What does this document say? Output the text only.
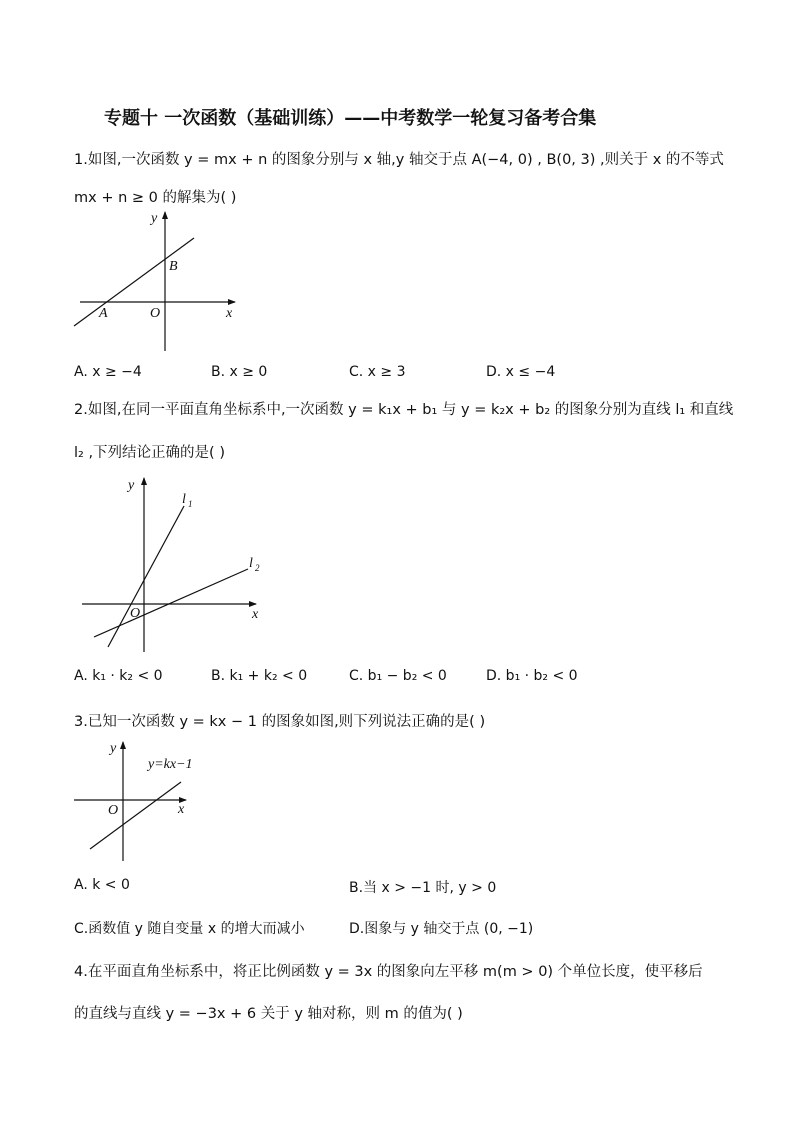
专题十 一次函数（基础训练）——中考数学一轮复习备考合集
1.如图,一次函数 y = mx + n 的图象分别与 x 轴,y 轴交于点 A(−4, 0) , B(0, 3) ,则关于 x 的不等式
mx + n ≥ 0 的解集为( )
y
x
O
A
B
A. x ≥ −4	B. x ≥ 0	C. x ≥ 3	D. x ≤ −4
2.如图,在同一平面直角坐标系中,一次函数 y = k₁x + b₁ 与 y = k₂x + b₂ 的图象分别为直线 l₁ 和直线
l₂ ,下列结论正确的是( )
y
x
O
l 1
l 2
A. k₁ · k₂ < 0	B. k₁ + k₂ < 0	C. b₁ − b₂ < 0	D. b₁ · b₂ < 0
3.已知一次函数 y = kx − 1 的图象如图,则下列说法正确的是( )
y
x
O
y=kx−1
A. k < 0	B.当 x > −1 时, y > 0
C.函数值 y 随自变量 x 的增大而减小	D.图象与 y 轴交于点 (0, −1)
4.在平面直角坐标系中，将正比例函数 y = 3x 的图象向左平移 m(m > 0) 个单位长度，使平移后
的直线与直线 y = −3x + 6 关于 y 轴对称，则 m 的值为( )
